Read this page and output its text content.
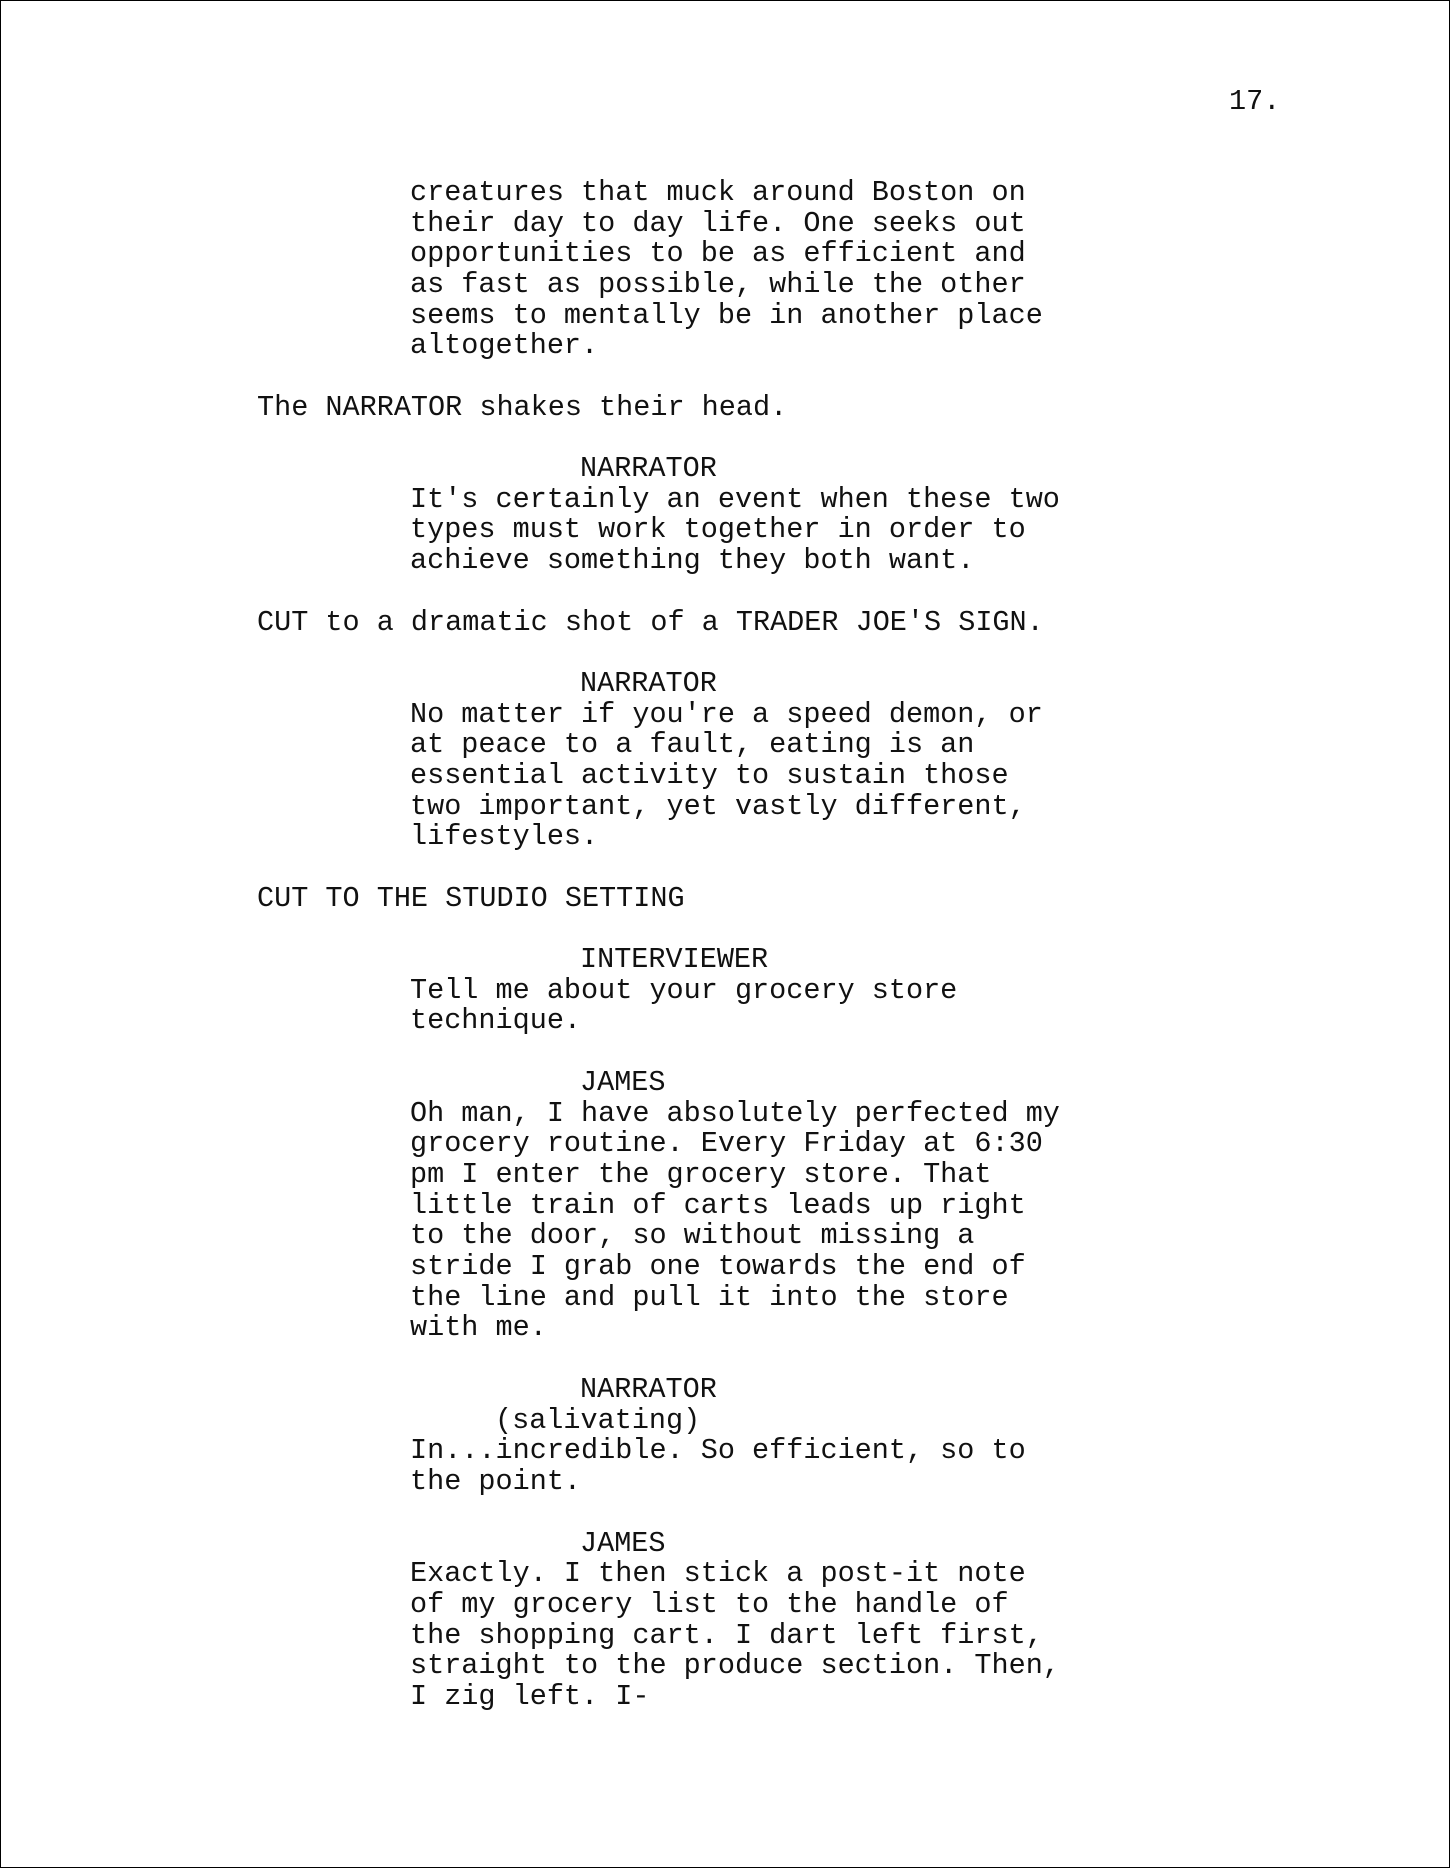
17.
creatures that muck around Boston on
their day to day life. One seeks out
opportunities to be as efficient and
as fast as possible, while the other
seems to mentally be in another place
altogether.
The NARRATOR shakes their head.
NARRATOR
It's certainly an event when these two
types must work together in order to
achieve something they both want.
CUT to a dramatic shot of a TRADER JOE'S SIGN.
NARRATOR
No matter if you're a speed demon, or
at peace to a fault, eating is an
essential activity to sustain those
two important, yet vastly different,
lifestyles.
CUT TO THE STUDIO SETTING
INTERVIEWER
Tell me about your grocery store
technique.
JAMES
Oh man, I have absolutely perfected my
grocery routine. Every Friday at 6:30
pm I enter the grocery store. That
little train of carts leads up right
to the door, so without missing a
stride I grab one towards the end of
the line and pull it into the store
with me.
NARRATOR
(salivating)
In...incredible. So efficient, so to
the point.
JAMES
Exactly. I then stick a post-it note
of my grocery list to the handle of
the shopping cart. I dart left first,
straight to the produce section. Then,
I zig left. I-
